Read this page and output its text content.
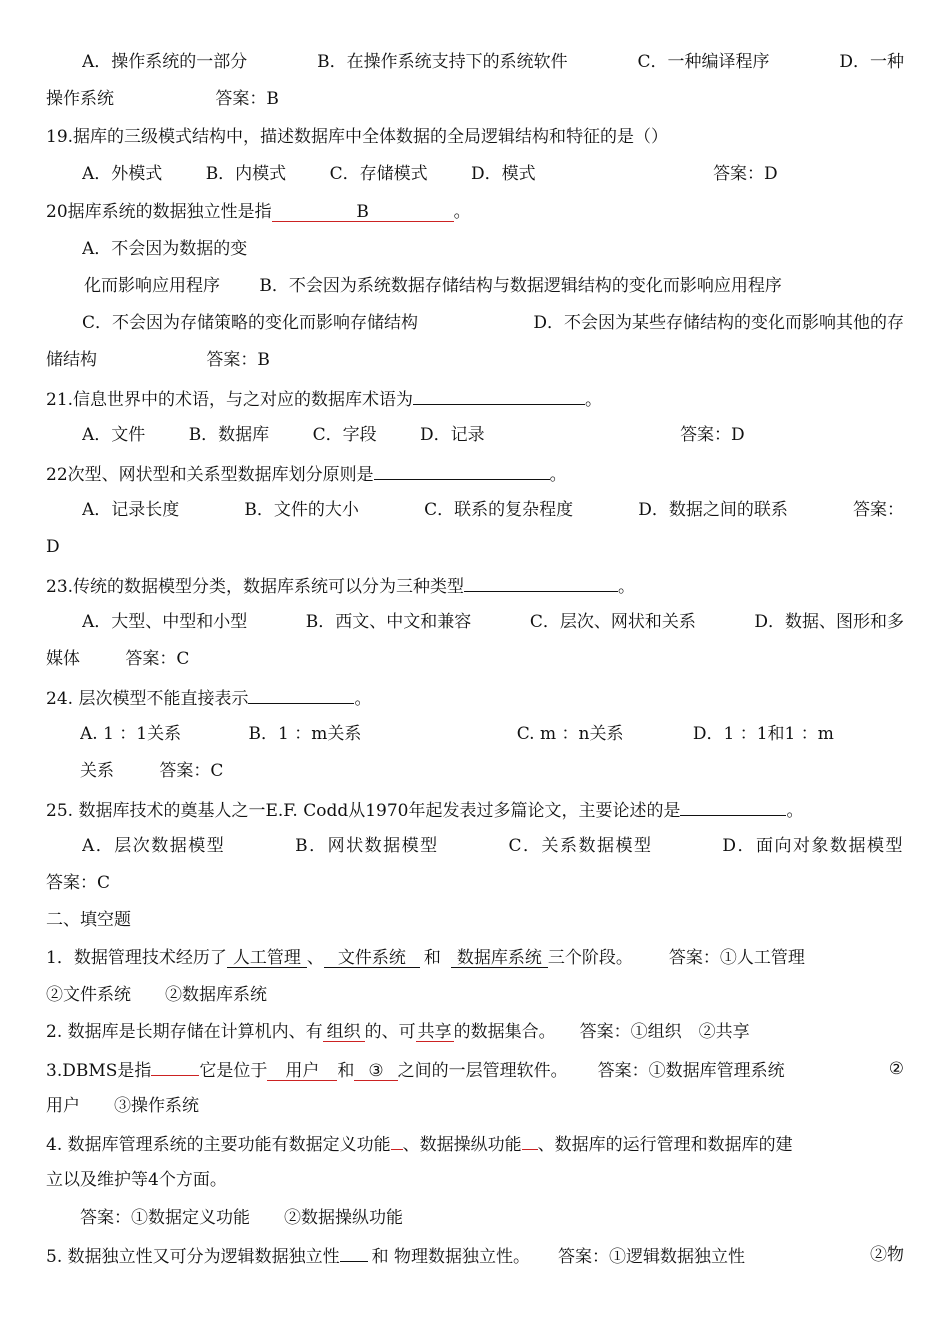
A．操作系统的一部分	B．在操作系统支持下的系统软件	C．一种编译程序	D．一种
操作系统	答案：B
19.据库的三级模式结构中，描述数据库中全体数据的全局逻辑结构和特征的是（）
A．外模式	B．内模式	C．存储模式	D．模式	答案：D
20据库系统的数据独立性是指	B	。
A．不会因为数据的变
化而影响应用程序 B．不会因为系统数据存储结构与数据逻辑结构的变化而影响应用程序
C．不会因为存储策略的变化而影响存储结构	D．不会因为某些存储结构的变化而影响其他的存
储结构	答案：B
21.信息世界中的术语，与之对应的数据库术语为	。
A．文件	B．数据库	C．字段	D．记录	答案：D
22次型、网状型和关系型数据库划分原则是	。
A．记录长度	B．文件的大小	C．联系的复杂程度	D．数据之间的联系	答案：
D
23.传统的数据模型分类，数据库系统可以分为三种类型	。
A．大型、中型和小型	B．西文、中文和兼容	C．层次、网状和关系	D．数据、图形和多
媒体	答案：C
24. 层次模型不能直接表示	。
A. 1 ：1关系	B．1 ：m关系	C. m ：n关系	D．1 ：1和1 ：m
关系	答案：C
25. 数据库技术的奠基人之一E.F. Codd从1970年起发表过多篇论文，主要论述的是	。
A．层次数据模型	B．网状数据模型	C．关系数据模型	D．面向对象数据模型
答案：C
二、填空题
1．数据管理技术经历了 人工管理 、 文件系统 和 数据库系统 三个阶段。 答案：①人工管理
②文件系统　　②数据库系统
2. 数据库是长期存储在计算机内、有 组织 的、可 共享 的数据集合。 答案：①组织　②共享
3.DBMS是指	它是位于 用户 和 ③ 之间的一层管理软件。 答案：①数据库管理系统	②
用户　　③操作系统
4. 数据库管理系统的主要功能有数据定义功能 、数据操纵功能 、数据库的运行管理和数据库的建
立以及维护等4个方面。
答案：①数据定义功能　　②数据操纵功能
5. 数据独立性又可分为逻辑数据独立性 和 物理数据独立性。 答案：①逻辑数据独立性	②物
